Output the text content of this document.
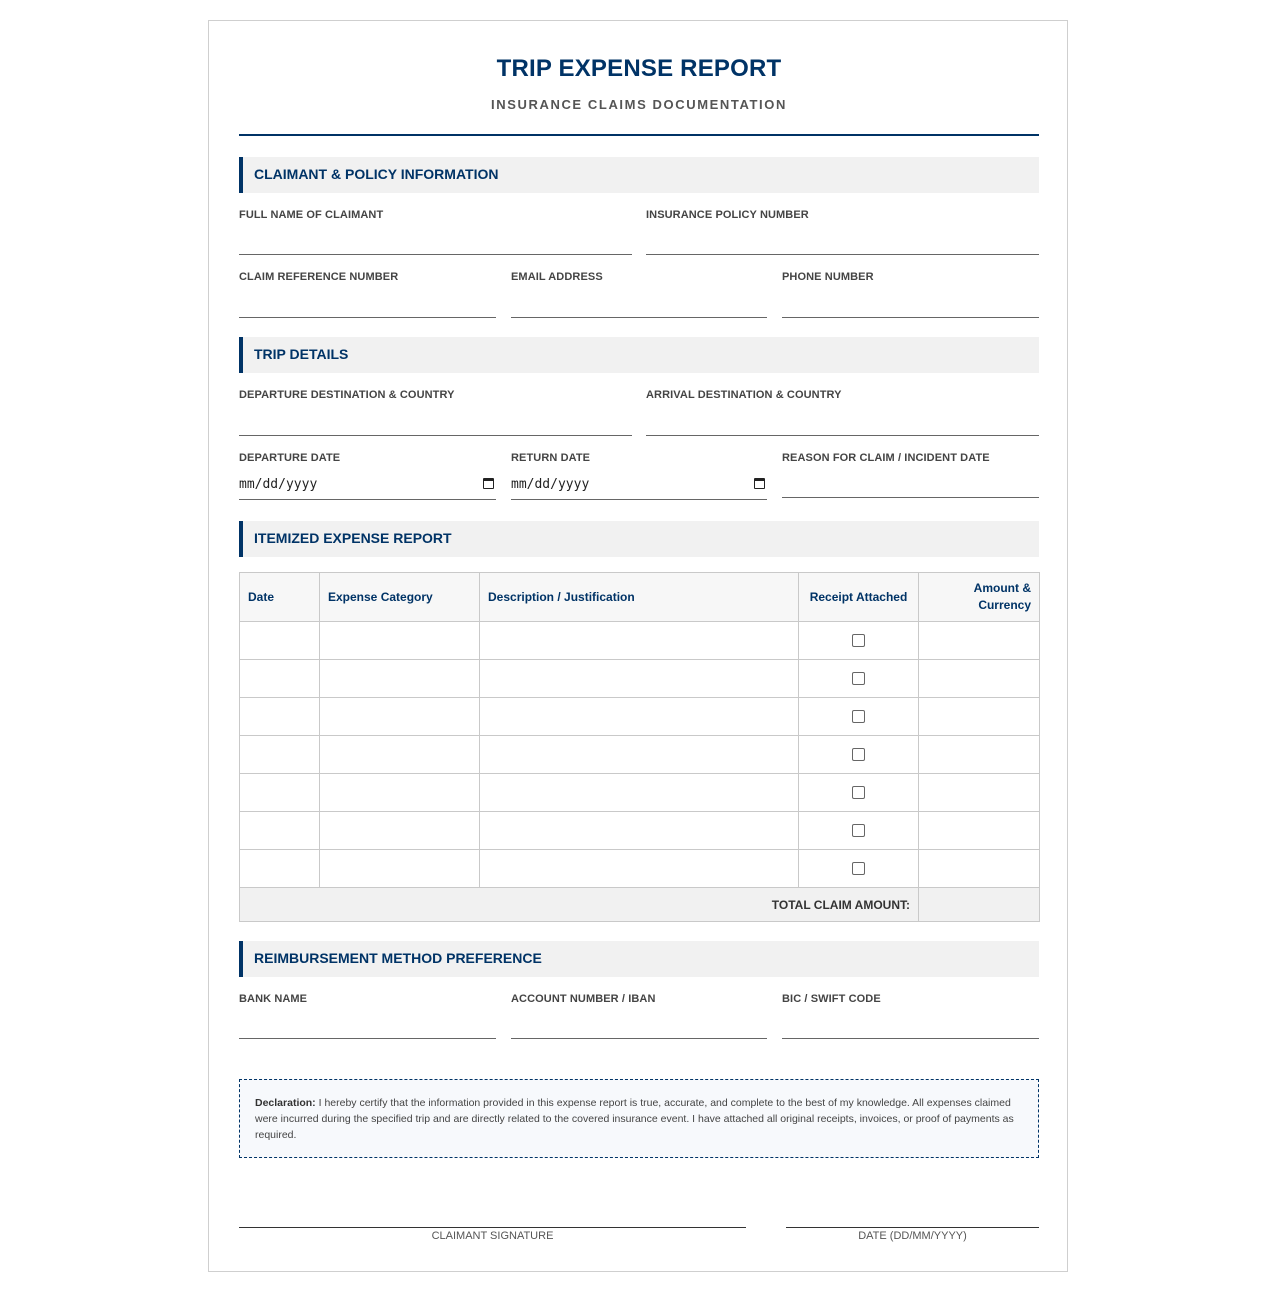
TRIP EXPENSE REPORT
INSURANCE CLAIMS DOCUMENTATION
CLAIMANT & POLICY INFORMATION
FULL NAME OF CLAIMANT	INSURANCE POLICY NUMBER
CLAIM REFERENCE NUMBER	EMAIL ADDRESS	PHONE NUMBER
TRIP DETAILS
DEPARTURE DESTINATION & COUNTRY	ARRIVAL DESTINATION & COUNTRY
DEPARTURE DATE
mm/dd/yyyy
RETURN DATE
mm/dd/yyyy
REASON FOR CLAIM / INCIDENT DATE
ITEMIZED EXPENSE REPORT
Date	Expense Category	Description / Justification	Receipt Attached	Amount & Currency

TOTAL CLAIM AMOUNT:				
REIMBURSEMENT METHOD PREFERENCE
BANK NAME	ACCOUNT NUMBER / IBAN	BIC / SWIFT CODE
Declaration: I hereby certify that the information provided in this expense report is true, accurate, and complete to the best of my knowledge. All expenses claimed were incurred during the specified trip and are directly related to the covered insurance event. I have attached all original receipts, invoices, or proof of payments as required.
CLAIMANT SIGNATURE	DATE (DD/MM/YYYY)
